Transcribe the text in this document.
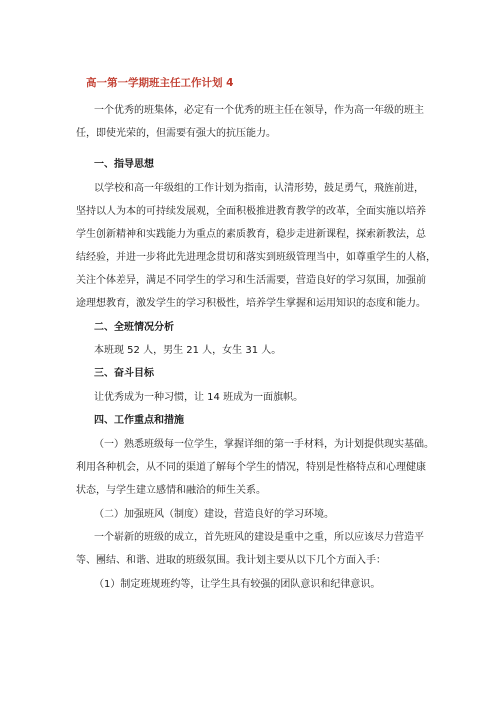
高一第一学期班主任工作计划 4
一个优秀的班集体，必定有一个优秀的班主任在领导，作为高一年级的班主
任，即使光荣的，但需要有强大的抗压能力。
一、指导思想
以学校和高一年级组的工作计划为指南，认清形势，鼓足勇气，飛旌前进，
坚持以人为本的可持续发展观，全面积极推进教育教学的改革，全面实施以培养
学生创新精神和实践能力为重点的素质教育，稳步走进新课程，探索新教法，总
结经验，并进一步将此先进理念贯切和落实到班级管理当中，如尊重学生的人格，
关注个体差异，满足不同学生的学习和生活需要，营造良好的学习氛围，加强前
途理想教育，激发学生的学习积极性，培养学生掌握和运用知识的态度和能力。
二、全班情况分析
本班现 52 人，男生 21 人，女生 31 人。
三、奋斗目标
让优秀成为一种习惯，让 14 班成为一面旗帜。
四、工作重点和措施
（一）熟悉班级每一位学生，掌握详细的第一手材料，为计划提供现实基础。
利用各种机会，从不同的渠道了解每个学生的情况，特别是性格特点和心理健康
状态，与学生建立感情和融洽的师生关系。
（二）加强班风（制度）建设，营造良好的学习环境。
一个崭新的班级的成立，首先班风的建设是重中之重，所以应该尽力营造平
等、團结、和谐、进取的班级氛围。我计划主要从以下几个方面入手：
（1）制定班规班约等，让学生具有较强的团队意识和纪律意识。
